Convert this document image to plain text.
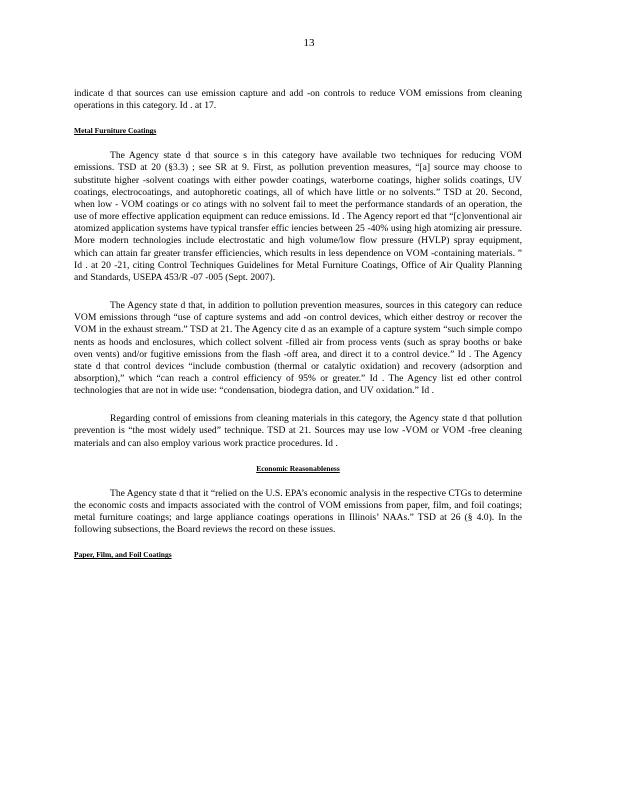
13

indicate d that sources can use emission capture and add -on controls to reduce VOM emissions from cleaning operations in this category. Id . at 17.

Metal Furniture Coatings

The Agency state d that source s in this category have available two techniques for reducing VOM emissions. TSD at 20 (§3.3) ; see SR at 9. First, as pollution prevention measures, “[a] source may choose to substitute higher -solvent coatings with either powder coatings, waterborne coatings, higher solids coatings, UV coatings, electrocoatings, and autophoretic coatings, all of which have little or no solvents.” TSD at 20. Second, when low - VOM coatings or co atings with no solvent fail to meet the performance standards of an operation, the use of more effective application equipment can reduce emissions. Id . The Agency report ed that “[c]onventional air atomized application systems have typical transfer effic iencies between 25 -40% using high atomizing air pressure. More modern technologies include electrostatic and high volume/low flow pressure (HVLP) spray equipment, which can attain far greater transfer efficiencies, which results in less dependence on VOM -containing materials. ” Id . at 20 -21, citing Control Techniques Guidelines for Metal Furniture Coatings, Office of Air Quality Planning and Standards, USEPA 453/R -07 -005 (Sept. 2007).

The Agency state d that, in addition to pollution prevention measures, sources in this category can reduce VOM emissions through “use of capture systems and add -on control devices, which either destroy or recover the VOM in the exhaust stream.” TSD at 21. The Agency cite d as an example of a capture system “such simple compo nents as hoods and enclosures, which collect solvent -filled air from process vents (such as spray booths or bake oven vents) and/or fugitive emissions from the flash -off area, and direct it to a control device.” Id . The Agency state d that control devices “include combustion (thermal or catalytic oxidation) and recovery (adsorption and absorption),” which “can reach a control efficiency of 95% or greater.” Id . The Agency list ed other control technologies that are not in wide use: “condensation, biodegra dation, and UV oxidation.” Id .

Regarding control of emissions from cleaning materials in this category, the Agency state d that pollution prevention is “the most widely used” technique. TSD at 21. Sources may use low -VOM or VOM -free cleaning materials and can also employ various work practice procedures. Id .

Economic Reasonableness

The Agency state d that it “relied on the U.S. EPA’s economic analysis in the respective CTGs to determine the economic costs and impacts associated with the control of VOM emissions from paper, film, and foil coatings; metal furniture coatings; and large appliance coatings operations in Illinois’ NAAs.” TSD at 26 (§ 4.0). In the following subsections, the Board reviews the record on these issues.

Paper, Film, and Foil Coatings
